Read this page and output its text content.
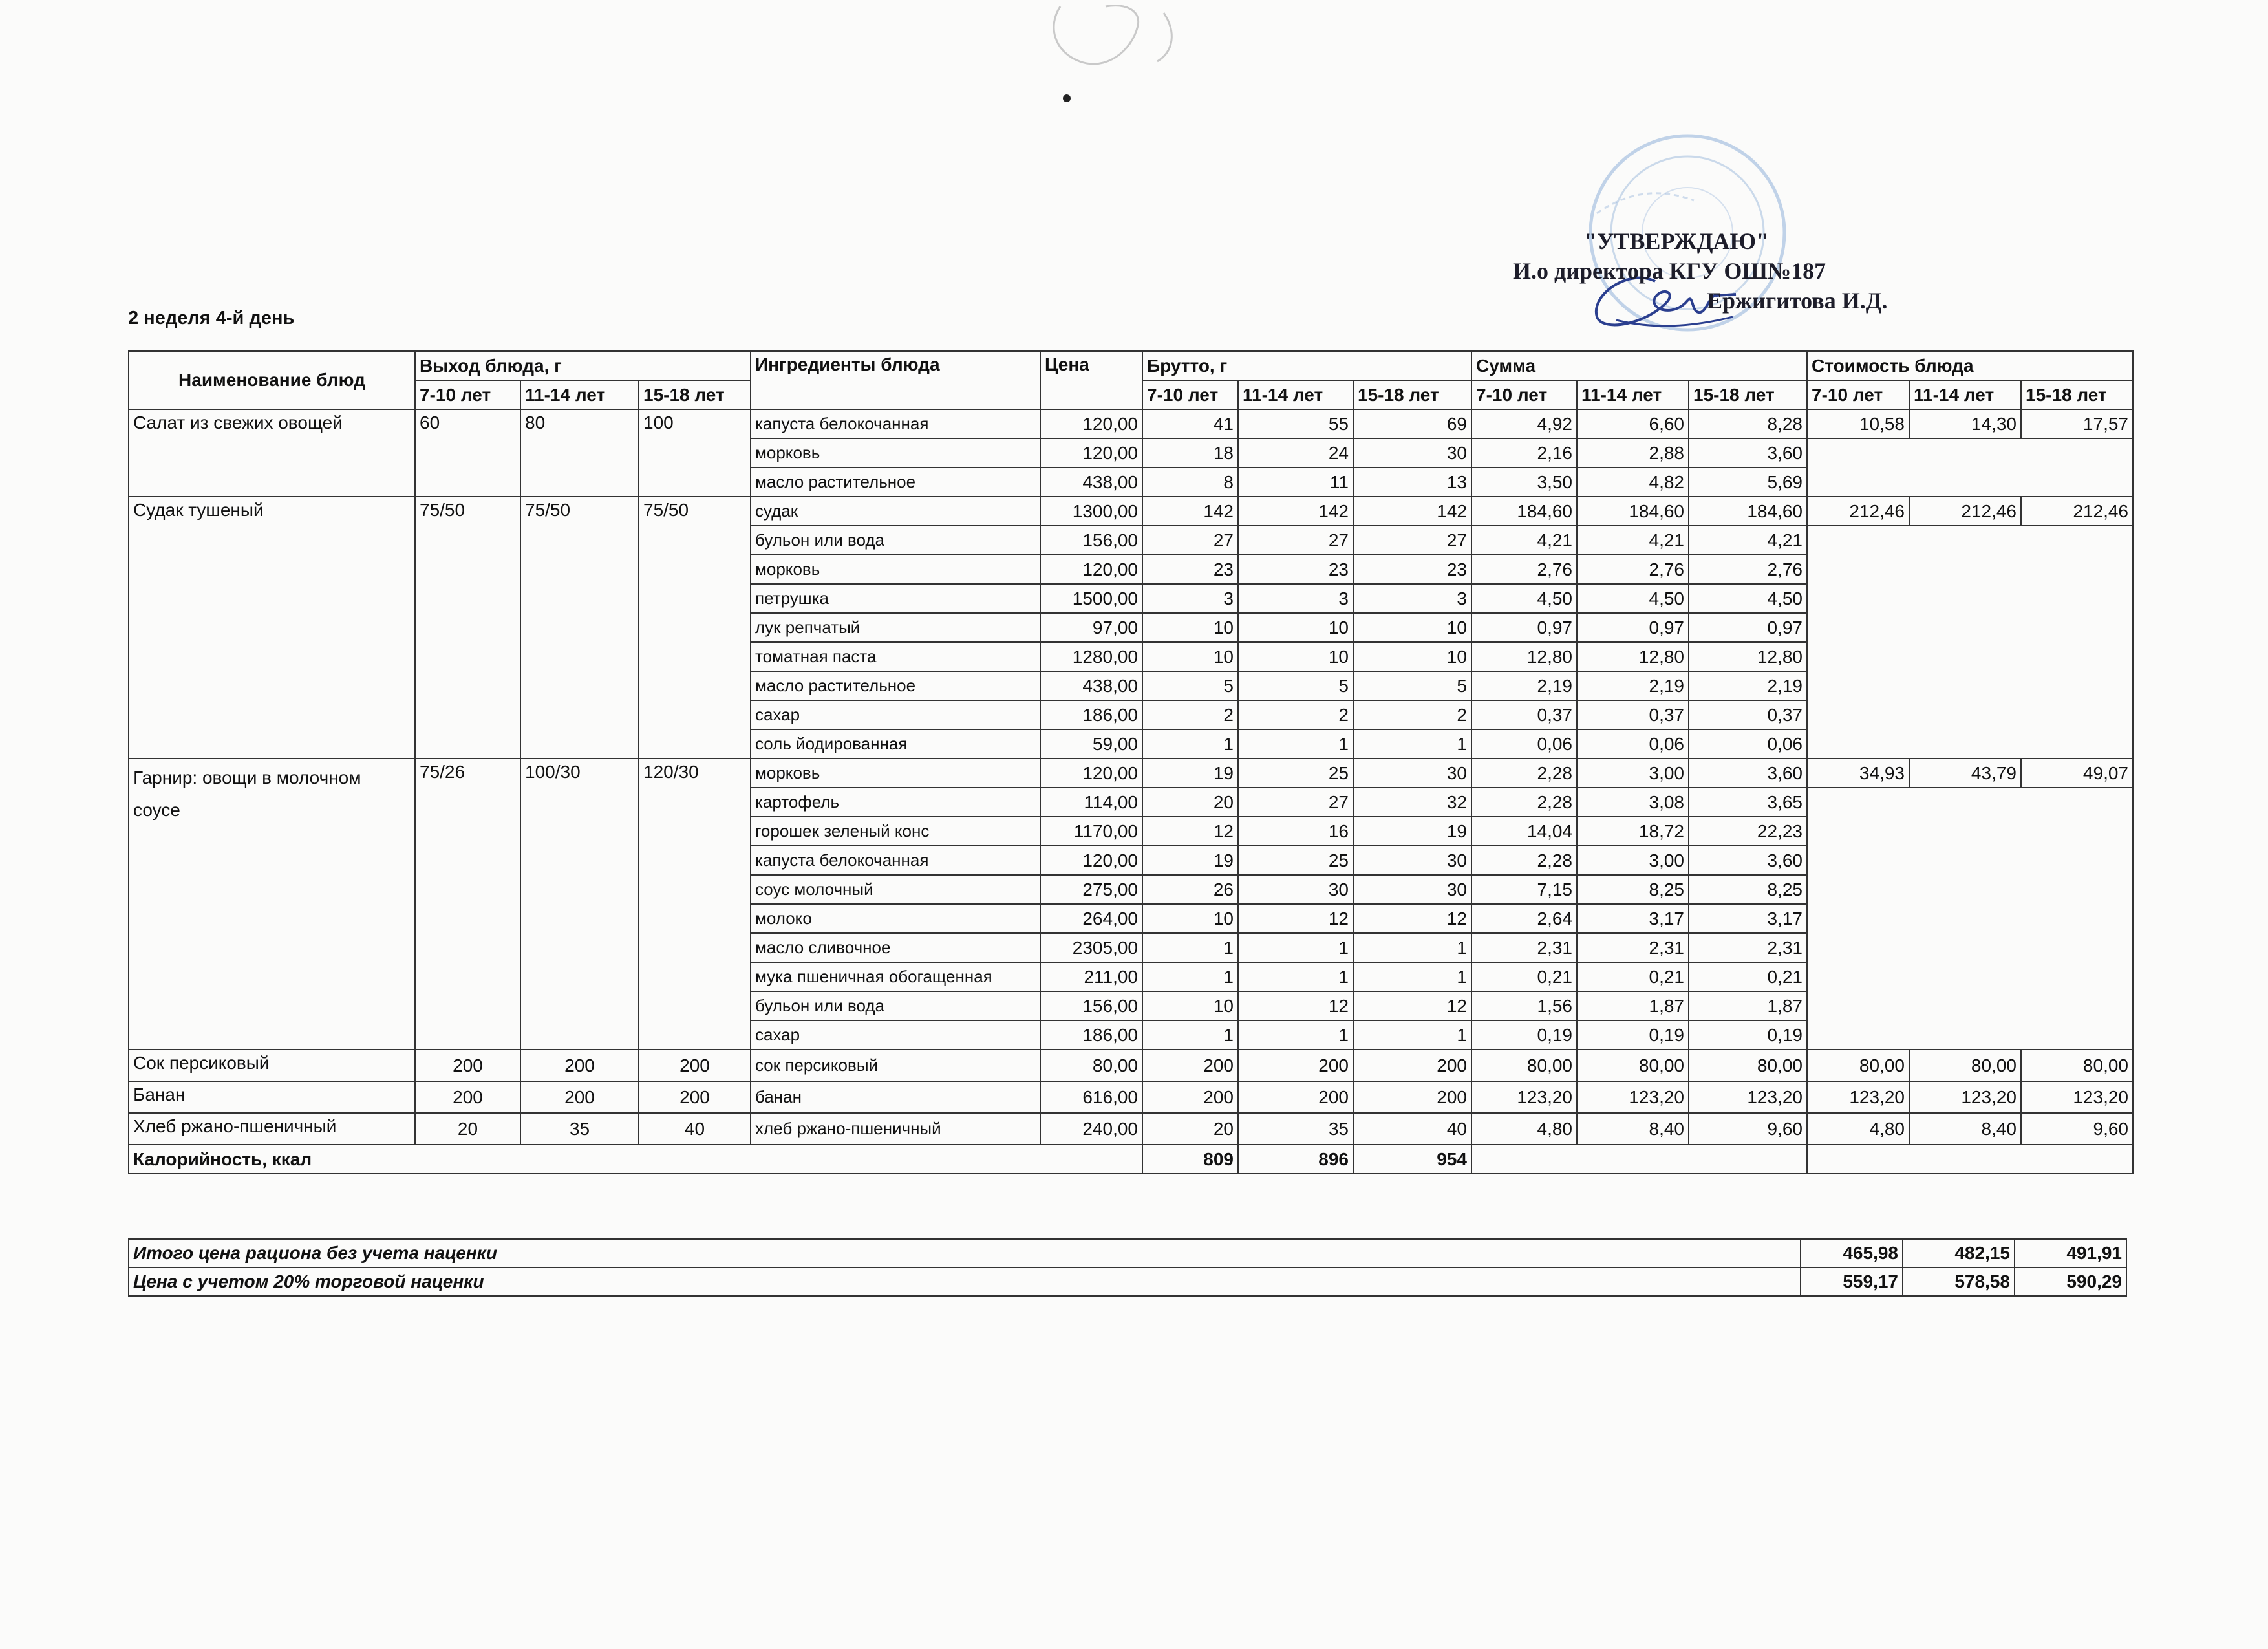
"УТВЕРЖДАЮ"
И.о директора КГУ ОШ№187
Ержигитова И.Д.
2 неделя 4-й день
Наименование блюд	Выход блюда, г			Ингредиенты блюда	Цена	Брутто, г			Сумма			Стоимость блюда		
	7-10 лет	11-14 лет	15-18 лет			7-10 лет	11-14 лет	15-18 лет	7-10 лет	11-14 лет	15-18 лет	7-10 лет	11-14 лет	15-18 лет
Салат из свежих овощей	60	80	100	капуста белокочанная	120,00	41	55	69	4,92	6,60	8,28	10,58	14,30	17,57
				морковь	120,00	18	24	30	2,16	2,88	3,60			
				масло растительное	438,00	8	11	13	3,50	4,82	5,69			
Судак тушеный	75/50	75/50	75/50	судак	1300,00	142	142	142	184,60	184,60	184,60	212,46	212,46	212,46
				бульон или вода	156,00	27	27	27	4,21	4,21	4,21			
				морковь	120,00	23	23	23	2,76	2,76	2,76			
				петрушка	1500,00	3	3	3	4,50	4,50	4,50			
				лук репчатый	97,00	10	10	10	0,97	0,97	0,97			
				томатная паста	1280,00	10	10	10	12,80	12,80	12,80			
				масло растительное	438,00	5	5	5	2,19	2,19	2,19			
				сахар	186,00	2	2	2	0,37	0,37	0,37			
				соль йодированная	59,00	1	1	1	0,06	0,06	0,06			
Гарнир: овощи в молочном соусе	75/26	100/30	120/30	морковь	120,00	19	25	30	2,28	3,00	3,60	34,93	43,79	49,07
				картофель	114,00	20	27	32	2,28	3,08	3,65			
				горошек зеленый конс	1170,00	12	16	19	14,04	18,72	22,23			
				капуста белокочанная	120,00	19	25	30	2,28	3,00	3,60			
				соус молочный	275,00	26	30	30	7,15	8,25	8,25			
				молоко	264,00	10	12	12	2,64	3,17	3,17			
				масло сливочное	2305,00	1	1	1	2,31	2,31	2,31			
				мука пшеничная обогащенная	211,00	1	1	1	0,21	0,21	0,21			
				бульон или вода	156,00	10	12	12	1,56	1,87	1,87			
				сахар	186,00	1	1	1	0,19	0,19	0,19			
Сок персиковый	200	200	200	сок персиковый	80,00	200	200	200	80,00	80,00	80,00	80,00	80,00	80,00
Банан	200	200	200	банан	616,00	200	200	200	123,20	123,20	123,20	123,20	123,20	123,20
Хлеб ржано-пшеничный	20	35	40	хлеб ржано-пшеничный	240,00	20	35	40	4,80	8,40	9,60	4,80	8,40	9,60
Калорийность, ккал						809	896	954						
Итого цена рациона без учета наценки	465,98	482,15	491,91
Цена с учетом 20% торговой наценки	559,17	578,58	590,29
